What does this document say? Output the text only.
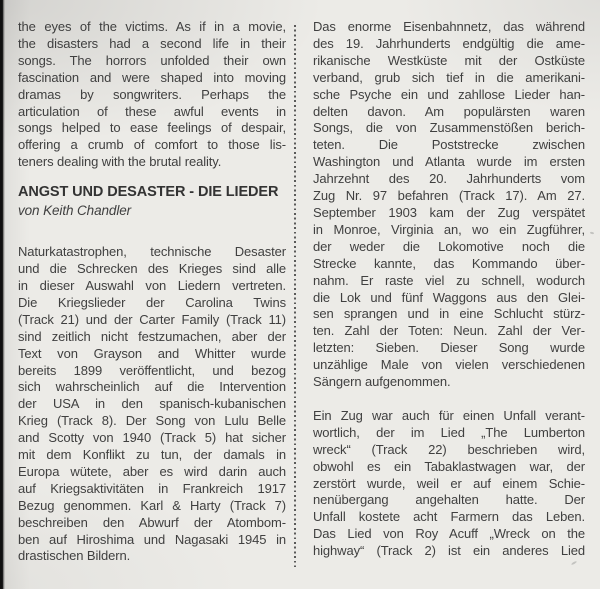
the eyes of the victims. As if in a movie,
the disasters had a second life in their
songs. The horrors unfolded their own
fascination and were shaped into moving
dramas by songwriters. Perhaps the
articulation of these awful events in
songs helped to ease feelings of despair,
offering a crumb of comfort to those lis-
teners dealing with the brutal reality.
ANGST UND DESASTER - DIE LIEDER
von Keith Chandler
Naturkatastrophen, technische Desaster
und die Schrecken des Krieges sind alle
in dieser Auswahl von Liedern vertreten.
Die Kriegslieder der Carolina Twins
(Track 21) und der Carter Family (Track 11)
sind zeitlich nicht festzumachen, aber der
Text von Grayson and Whitter wurde
bereits 1899 veröffentlicht, und bezog
sich wahrscheinlich auf die Intervention
der USA in den spanisch-kubanischen
Krieg (Track 8). Der Song von Lulu Belle
and Scotty von 1940 (Track 5) hat sicher
mit dem Konflikt zu tun, der damals in
Europa wütete, aber es wird darin auch
auf Kriegsaktivitäten in Frankreich 1917
Bezug genommen. Karl & Harty (Track 7)
beschreiben den Abwurf der Atombom-
ben auf Hiroshima und Nagasaki 1945 in
drastischen Bildern.
Das enorme Eisenbahnnetz, das während
des 19. Jahrhunderts endgültig die ame-
rikanische Westküste mit der Ostküste
verband, grub sich tief in die amerikani-
sche Psyche ein und zahllose Lieder han-
delten davon. Am populärsten waren
Songs, die von Zusammenstößen berich-
teten. Die Poststrecke zwischen
Washington und Atlanta wurde im ersten
Jahrzehnt des 20. Jahrhunderts vom
Zug Nr. 97 befahren (Track 17). Am 27.
September 1903 kam der Zug verspätet
in Monroe, Virginia an, wo ein Zugführer,
der weder die Lokomotive noch die
Strecke kannte, das Kommando über-
nahm. Er raste viel zu schnell, wodurch
die Lok und fünf Waggons aus den Glei-
sen sprangen und in eine Schlucht stürz-
ten. Zahl der Toten: Neun. Zahl der Ver-
letzten: Sieben. Dieser Song wurde
unzählige Male von vielen verschiedenen
Sängern aufgenommen.
Ein Zug war auch für einen Unfall verant-
wortlich, der im Lied „The Lumberton
wreck“ (Track 22) beschrieben wird,
obwohl es ein Tabaklastwagen war, der
zerstört wurde, weil er auf einem Schie-
nenübergang angehalten hatte. Der
Unfall kostete acht Farmern das Leben.
Das Lied von Roy Acuff „Wreck on the
highway“ (Track 2) ist ein anderes Lied
